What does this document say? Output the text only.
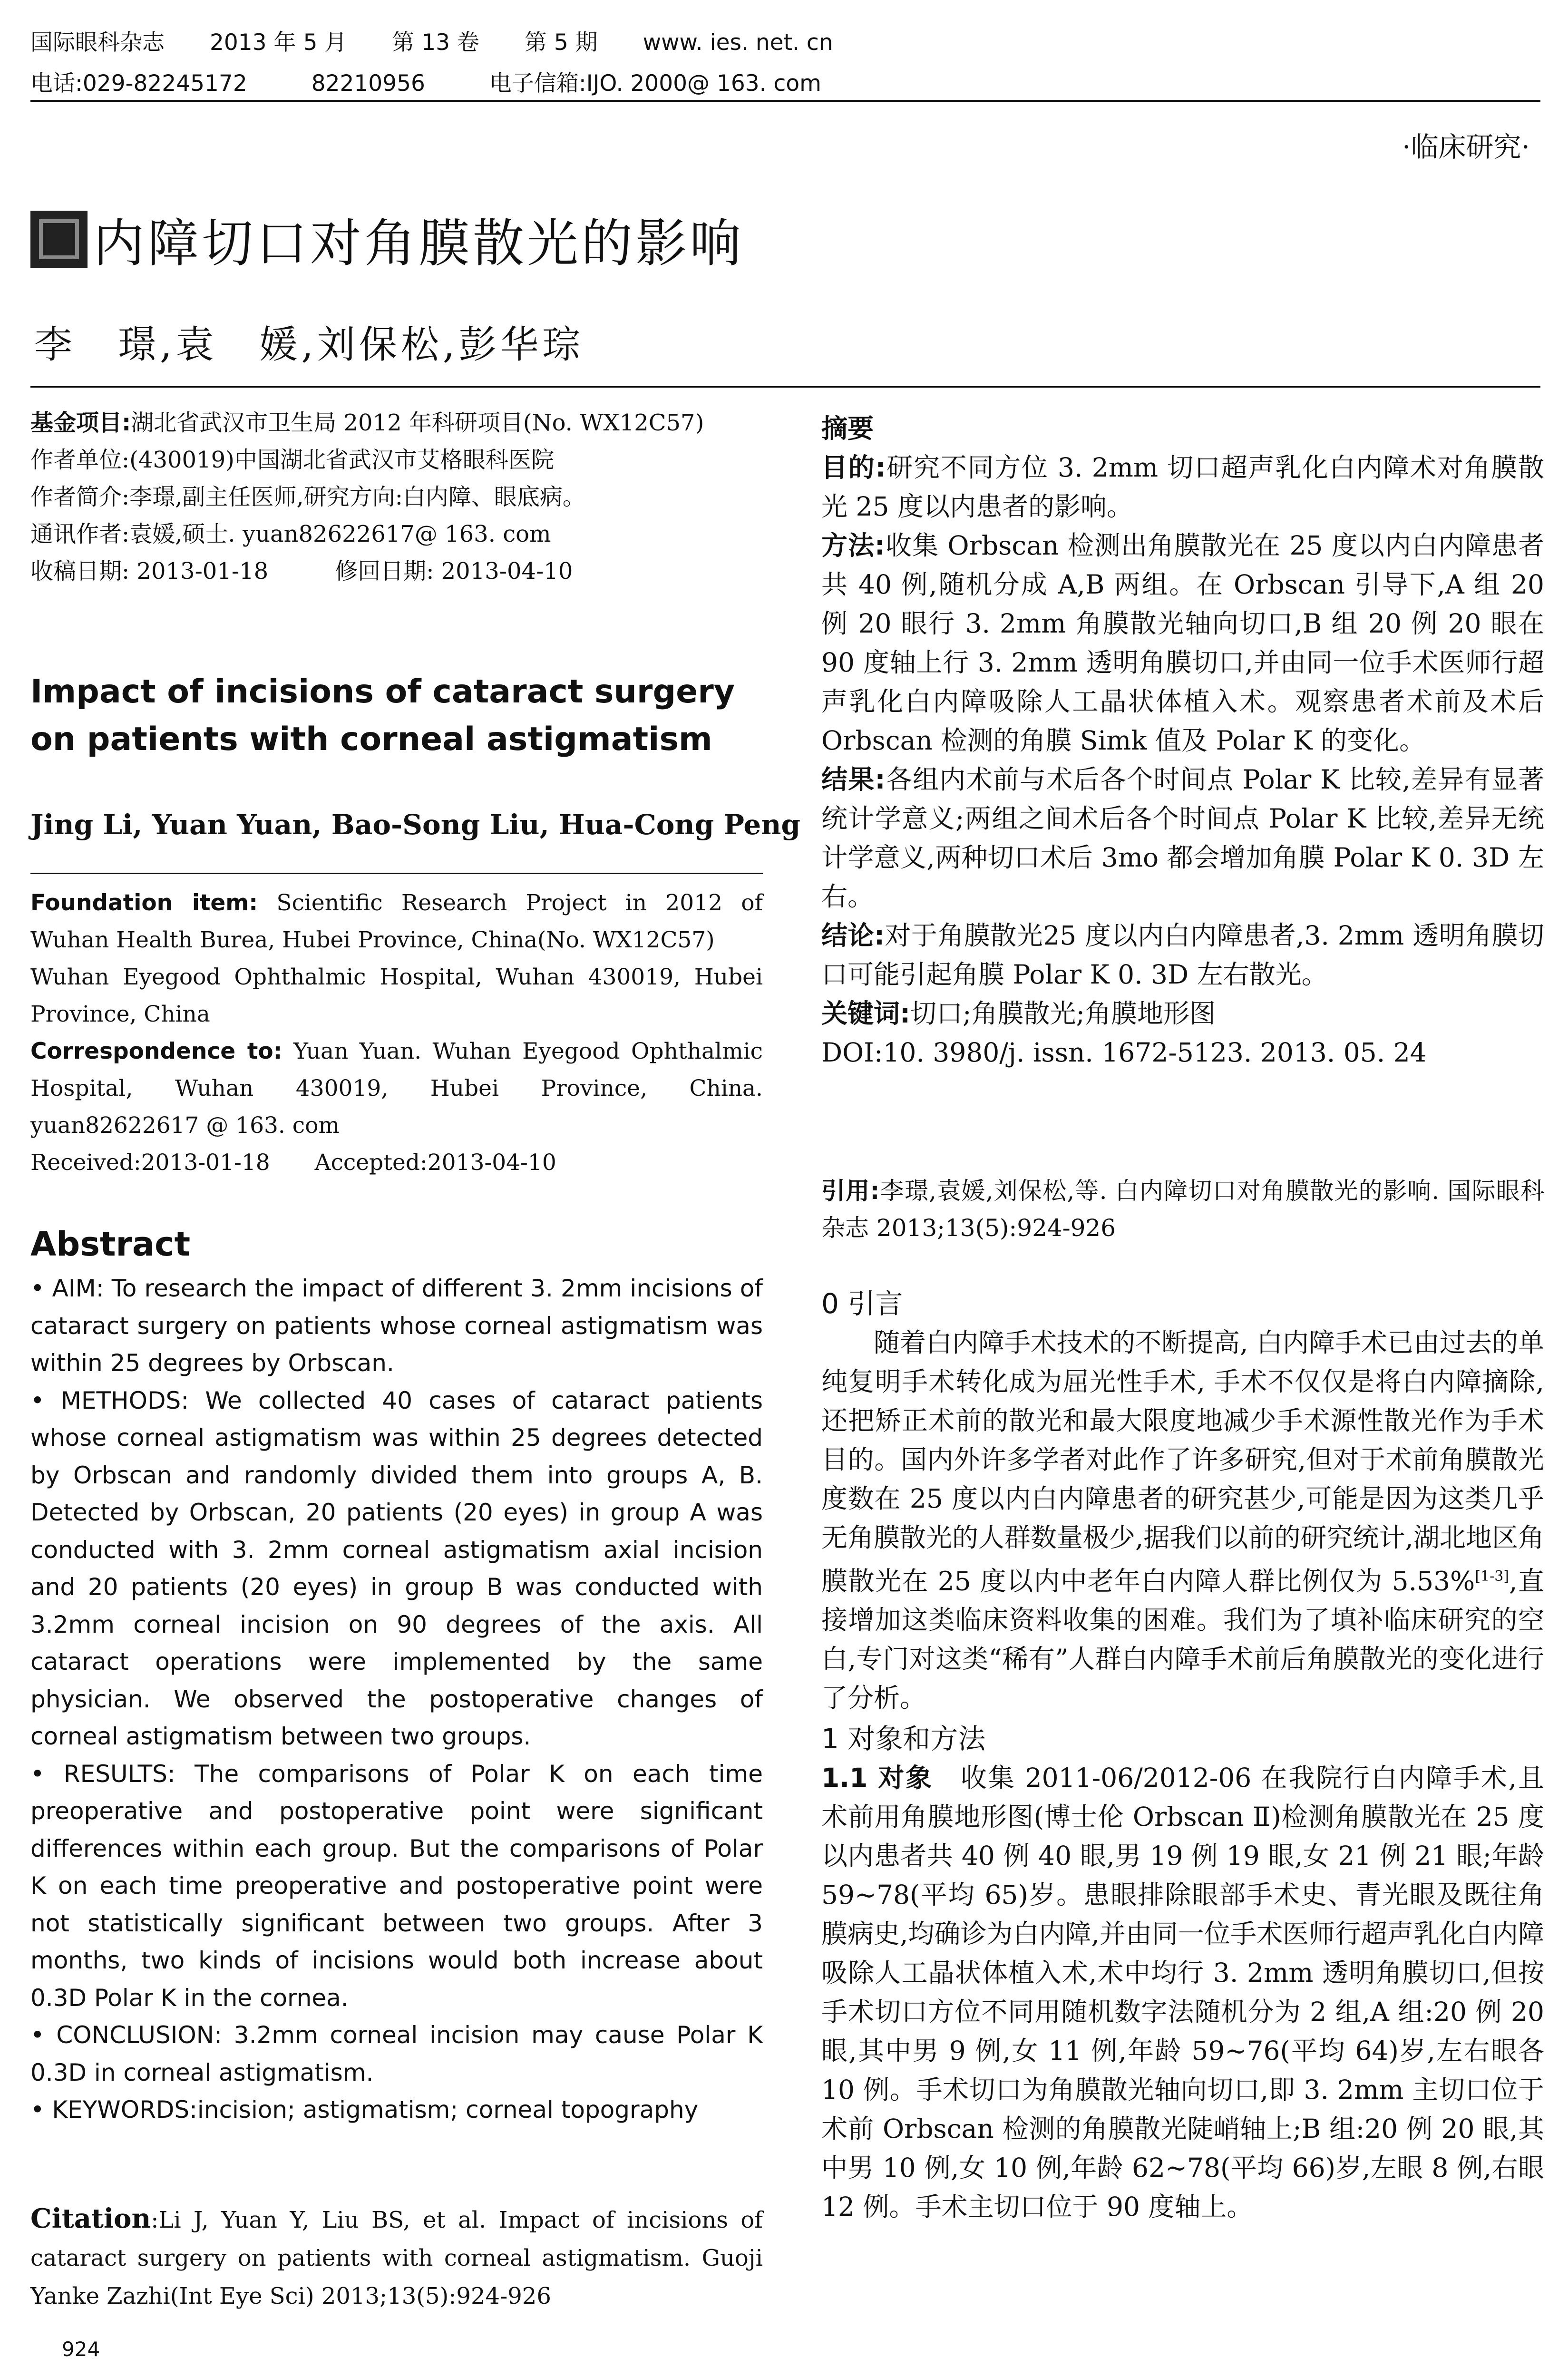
国际眼科杂志 2013 年 5 月 第 13 卷 第 5 期 www. ies. net. cn
电话:029-82245172	82210956	电子信箱:IJO. 2000@ 163. com
·临床研究·
内障切口对角膜散光的影响
李　璟,袁　媛,刘保松,彭华琮
基金项目:湖北省武汉市卫生局 2012 年科研项目(No. WX12C57)
作者单位:(430019)中国湖北省武汉市艾格眼科医院
作者简介:李璟,副主任医师,研究方向:白内障、眼底病。
通讯作者:袁媛,硕士. yuan82622617@ 163. com
收稿日期: 2013-01-18	修回日期: 2013-04-10
Impact of incisions of cataract surgery on patients with corneal astigmatism
Jing Li, Yuan Yuan, Bao-Song Liu, Hua-Cong Peng
Foundation item: Scientific Research Project in 2012 of Wuhan Health Burea, Hubei Province, China(No. WX12C57)
Wuhan Eyegood Ophthalmic Hospital, Wuhan 430019, Hubei Province, China
Correspondence to: Yuan Yuan. Wuhan Eyegood Ophthalmic Hospital, Wuhan 430019, Hubei Province, China. yuan82622617 @ 163. com
Received:2013-01-18　　Accepted:2013-04-10
Abstract

• AIM: To research the impact of different 3. 2mm incisions of cataract surgery on patients whose corneal astigmatism was within 25 degrees by Orbscan.

• METHODS: We collected 40 cases of cataract patients whose corneal astigmatism was within 25 degrees detected by Orbscan and randomly divided them into groups A, B. Detected by Orbscan, 20 patients (20 eyes) in group A was conducted with 3. 2mm corneal astigmatism axial incision and 20 patients (20 eyes) in group B was conducted with 3.2mm corneal incision on 90 degrees of the axis. All cataract operations were implemented by the same physician. We observed the postoperative changes of corneal astigmatism between two groups.

• RESULTS: The comparisons of Polar K on each time preoperative and postoperative point were significant differences within each group. But the comparisons of Polar K on each time preoperative and postoperative point were not statistically significant between two groups. After 3 months, two kinds of incisions would both increase about 0.3D Polar K in the cornea.

• CONCLUSION: 3.2mm corneal incision may cause Polar K 0.3D in corneal astigmatism.

• KEYWORDS:incision; astigmatism; corneal topography

Citation:Li J, Yuan Y, Liu BS, et al. Impact of incisions of cataract surgery on patients with corneal astigmatism. Guoji Yanke Zazhi(Int Eye Sci) 2013;13(5):924-926
924

摘要

目的:研究不同方位 3. 2mm 切口超声乳化白内障术对角膜散光 25 度以内患者的影响。

方法:收集 Orbscan 检测出角膜散光在 25 度以内白内障患者共 40 例,随机分成 A,B 两组。在 Orbscan 引导下,A 组 20 例 20 眼行 3. 2mm 角膜散光轴向切口,B 组 20 例 20 眼在 90 度轴上行 3. 2mm 透明角膜切口,并由同一位手术医师行超声乳化白内障吸除人工晶状体植入术。观察患者术前及术后 Orbscan 检测的角膜 Simk 值及 Polar K 的变化。

结果:各组内术前与术后各个时间点 Polar K 比较,差异有显著统计学意义;两组之间术后各个时间点 Polar K 比较,差异无统计学意义,两种切口术后 3mo 都会增加角膜 Polar K 0. 3D 左右。

结论:对于角膜散光25 度以内白内障患者,3. 2mm 透明角膜切口可能引起角膜 Polar K 0. 3D 左右散光。

关键词:切口;角膜散光;角膜地形图

DOI:10. 3980/j. issn. 1672-5123. 2013. 05. 24

引用:李璟,袁媛,刘保松,等. 白内障切口对角膜散光的影响. 国际眼科杂志 2013;13(5):924-926

0 引言

随着白内障手术技术的不断提高, 白内障手术已由过去的单纯复明手术转化成为屈光性手术, 手术不仅仅是将白内障摘除, 还把矫正术前的散光和最大限度地减少手术源性散光作为手术目的。国内外许多学者对此作了许多研究,但对于术前角膜散光度数在 25 度以内白内障患者的研究甚少,可能是因为这类几乎无角膜散光的人群数量极少,据我们以前的研究统计,湖北地区角膜散光在 25 度以内中老年白内障人群比例仅为 5.53%[1-3],直接增加这类临床资料收集的困难。我们为了填补临床研究的空白,专门对这类“稀有”人群白内障手术前后角膜散光的变化进行了分析。

1 对象和方法

1.1 对象　收集 2011-06/2012-06 在我院行白内障手术,且术前用角膜地形图(博士伦 Orbscan Ⅱ)检测角膜散光在 25 度以内患者共 40 例 40 眼,男 19 例 19 眼,女 21 例 21 眼;年龄 59~78(平均 65)岁。患眼排除眼部手术史、青光眼及既往角膜病史,均确诊为白内障,并由同一位手术医师行超声乳化白内障吸除人工晶状体植入术,术中均行 3. 2mm 透明角膜切口,但按手术切口方位不同用随机数字法随机分为 2 组,A 组:20 例 20 眼,其中男 9 例,女 11 例,年龄 59~76(平均 64)岁,左右眼各 10 例。手术切口为角膜散光轴向切口,即 3. 2mm 主切口位于术前 Orbscan 检测的角膜散光陡峭轴上;B 组:20 例 20 眼,其中男 10 例,女 10 例,年龄 62~78(平均 66)岁,左眼 8 例,右眼 12 例。手术主切口位于 90 度轴上。
